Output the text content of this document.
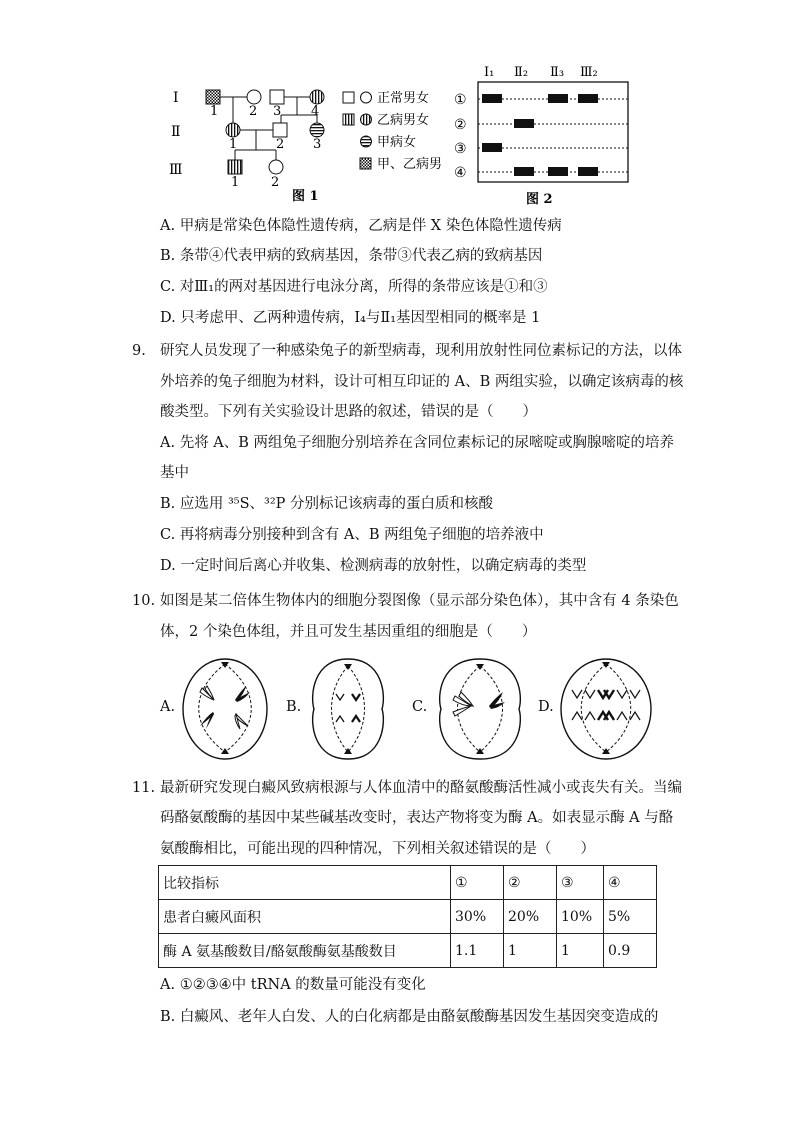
Ⅰ
Ⅱ
Ⅲ
1 2 3 4
1	2 3
1 2
图 1
正常男女
乙病男女
甲病女
甲、乙病男
Ⅰ₁ Ⅱ₂ Ⅱ₃ Ⅲ₂
①
②
③
④
图 2
A. 甲病是常染色体隐性遗传病，乙病是伴 X 染色体隐性遗传病
B. 条带④代表甲病的致病基因，条带③代表乙病的致病基因
C. 对Ⅲ₁的两对基因进行电泳分离，所得的条带应该是①和③
D. 只考虑甲、乙两种遗传病，Ⅰ₄与Ⅱ₁基因型相同的概率是 1
9. 研究人员发现了一种感染兔子的新型病毒，现利用放射性同位素标记的方法，以体
外培养的兔子细胞为材料，设计可相互印证的 A、B 两组实验，以确定该病毒的核
酸类型。下列有关实验设计思路的叙述，错误的是（　　）
A. 先将 A、B 两组兔子细胞分别培养在含同位素标记的尿嘧啶或胸腺嘧啶的培养
基中
B. 应选用 ³⁵S、³²P 分别标记该病毒的蛋白质和核酸
C. 再将病毒分别接种到含有 A、B 两组兔子细胞的培养液中
D. 一定时间后离心并收集、检测病毒的放射性，以确定病毒的类型
10. 如图是某二倍体生物体内的细胞分裂图像（显示部分染色体），其中含有 4 条染色
体，2 个染色体组，并且可发生基因重组的细胞是（　　）
A.	B.	C.	D.
11. 最新研究发现白癜风致病根源与人体血清中的酪氨酸酶活性减小或丧失有关。当编
码酪氨酸酶的基因中某些碱基改变时，表达产物将变为酶 A。如表显示酶 A 与酪
氨酸酶相比，可能出现的四种情况，下列相关叙述错误的是（　　）
比较指标	①	②	③	④
患者白癜风面积	30%	20%	10%	5%
酶 A 氨基酸数目/酪氨酸酶氨基酸数目	1.1	1	1	0.9
A. ①②③④中 tRNA 的数量可能没有变化
B. 白癜风、老年人白发、人的白化病都是由酪氨酸酶基因发生基因突变造成的
